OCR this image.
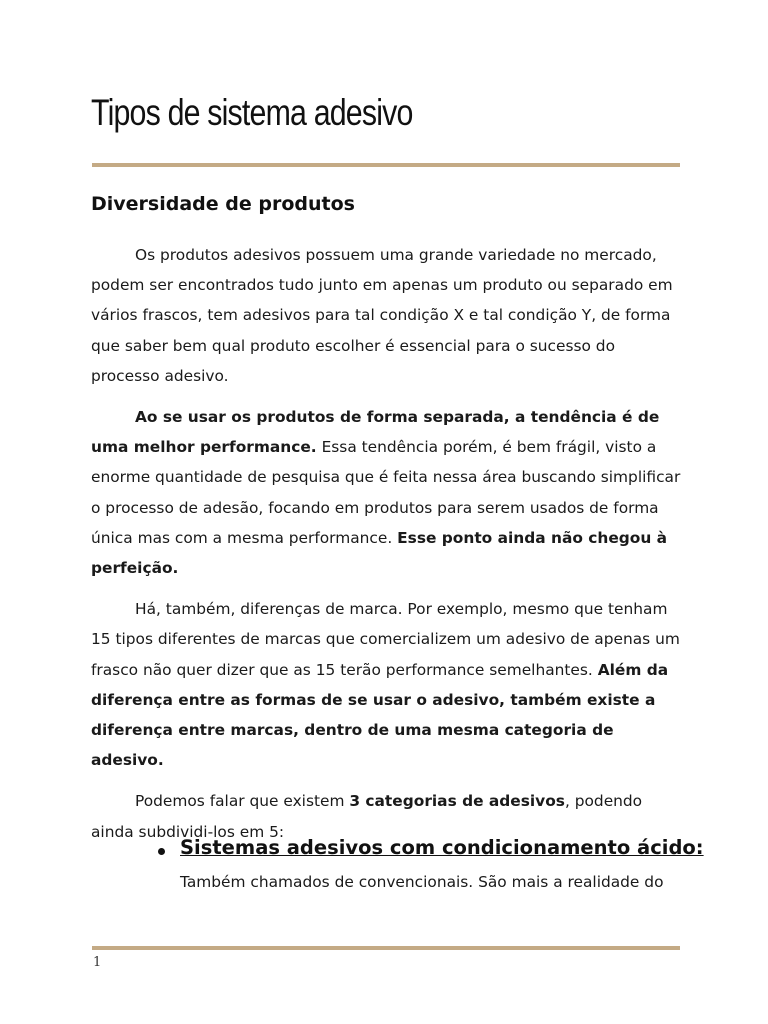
Tipos de sistema adesivo
Diversidade de produtos

Os produtos adesivos possuem uma grande variedade no mercado, podem ser encontrados tudo junto em apenas um produto ou separado em vários frascos, tem adesivos para tal condição X e tal condição Y, de forma que saber bem qual produto escolher é essencial para o sucesso do processo adesivo.

Ao se usar os produtos de forma separada, a tendência é de uma melhor performance. Essa tendência porém, é bem frágil, visto a enorme quantidade de pesquisa que é feita nessa área buscando simplificar o processo de adesão, focando em produtos para serem usados de forma única mas com a mesma performance. Esse ponto ainda não chegou à perfeição.

Há, também, diferenças de marca. Por exemplo, mesmo que tenham 15 tipos diferentes de marcas que comercializem um adesivo de apenas um frasco não quer dizer que as 15 terão performance semelhantes. Além da diferença entre as formas de se usar o adesivo, também existe a diferença entre marcas, dentro de uma mesma categoria de adesivo.

Podemos falar que existem 3 categorias de adesivos, podendo ainda subdividi-los em 5:

Sistemas adesivos com condicionamento ácido:
Também chamados de convencionais. São mais a realidade do
1
